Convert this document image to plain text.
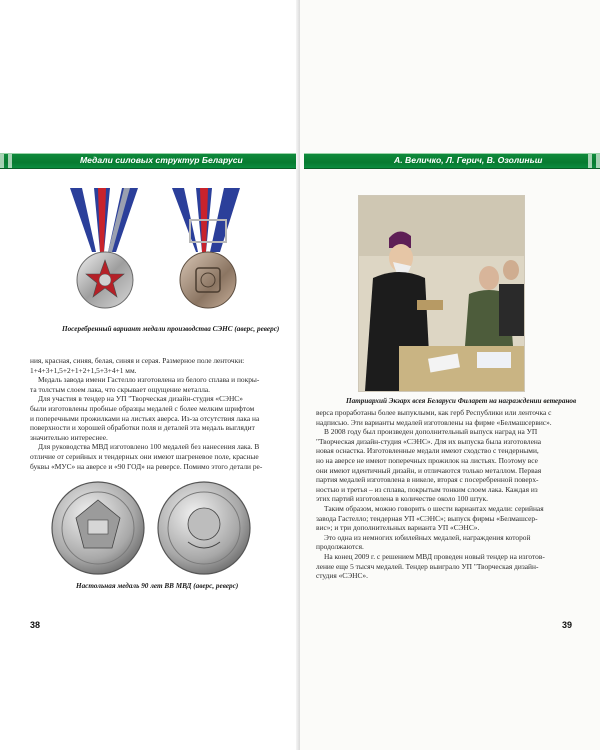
Медали силовых структур Беларуси
Посеребренный вариант медали производства СЭНС (аверс, реверс)

ния, красная, синяя, белая, синяя и серая. Размерное поле ленточки:

1+4+3+1,5+2+1+2+1,5+3+4+1 мм.

Медаль завода имени Гастелло изготовлена из белого сплава и покры-

та толстым слоем лака, что скрывает ощущение металла.

Для участия в тендер на УП "Творческая дизайн-студия «СЭНС»

были изготовлены пробные образцы медалей с более мелким шрифтом

и поперечными прожилками на листьях аверса. Из-за отсутствия лака на

поверхности и хорошей обработки поля и деталей эта медаль выглядит

значительно интереснее.

Для руководства МВД изготовлено 100 медалей без нанесения лака. В

отличие от серийных и тендерных они имеют шагреневое поле, красные

буквы «МУС» на аверсе и «90 ГОД» на реверсе. Помимо этого детали ре-

Настольная медаль 90 лет ВВ МВД (аверс, реверс)
38
А. Величко, Л. Герич, В. Озолиньш
Патриархий Экзарх всея Беларуси Филарет на награждении ветеранов

верса проработаны более выпуклыми, как герб Республики или ленточка с

надписью. Эти варианты медалей изготовлены на фирме «Белмашсервис».

В 2008 году был произведен дополнительный выпуск наград на УП

"Творческая дизайн-студия «СЭНС». Для их выпуска была изготовлена

новая оснастка. Изготовленные медали имеют сходство с тендерными,

но на аверсе не имеют поперечных прожилок на листьях. Поэтому все

они имеют идентичный дизайн, и отличаются только металлом. Первая

партия медалей изготовлена в никеле, вторая с посеребренной поверх-

ностью и третья – из сплава, покрытым тонким слоем лака. Каждая из

этих партий изготовлена в количестве около 100 штук.

Таким образом, можно говорить о шести вариантах медали: серийная

завода Гастелло; тендерная УП «СЭНС»; выпуск фирмы «Белмашсер-

вис»; и три дополнительных варианта УП «СЭНС».

Это одна из немногих юбилейных медалей, награждения которой

продолжаются.

На конец 2009 г. с решением МВД проведен новый тендер на изготов-

ление еще 5 тысяч медалей. Тендер выиграло УП "Творческая дизайн-

студия «СЭНС».

39
